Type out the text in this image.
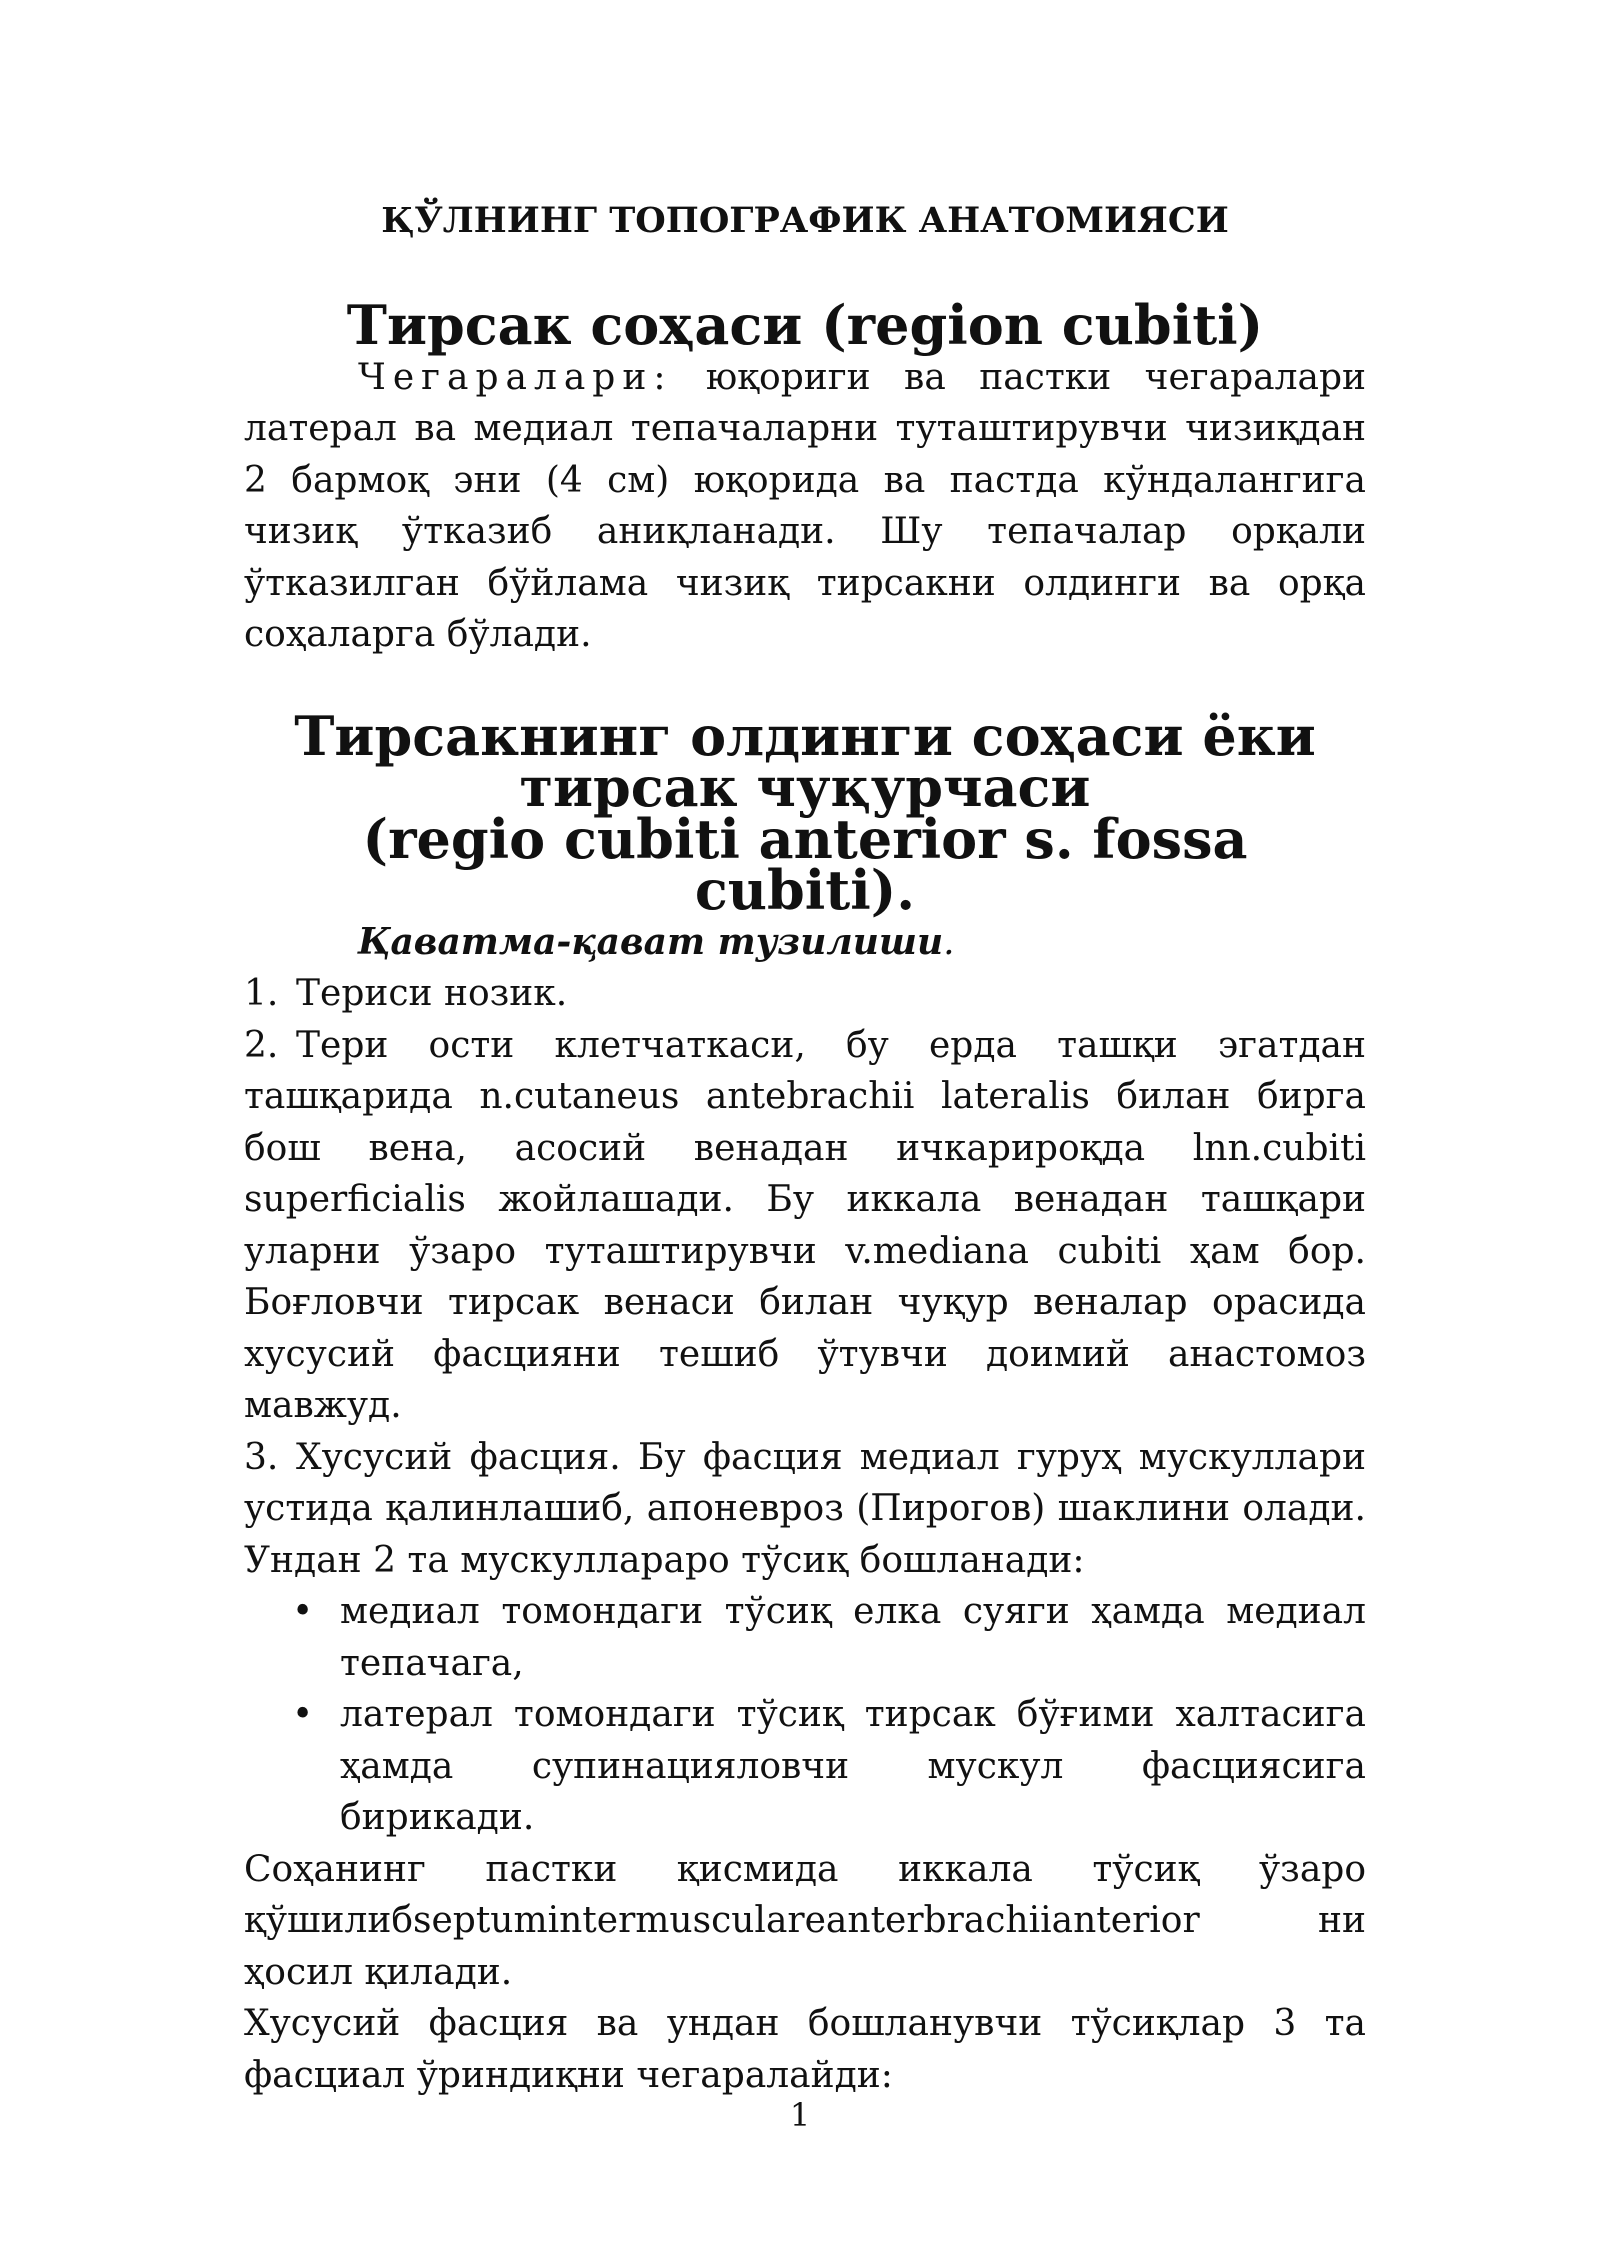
ҚЎЛНИНГ ТОПОГРАФИК АНАТОМИЯСИ
Тирсак соҳаси (region cubiti)

Чегаралари: юқориги ва пастки чегаралари латерал ва медиал тепачаларни туташтирувчи чизиқдан 2 бармоқ эни (4 см) юқорида ва пастда кўндалангига чизиқ ўтказиб аниқланади. Шу тепачалар орқали ўтказилган бўйлама чизиқ тирсакни олдинги ва орқа соҳаларга бўлади.

Тирсакнинг олдинги соҳаси ёки тирсак чуқурчаси
(regio cubiti anterior s. fossa cubiti).
Қаватма-қават тузилиши.

1. Териси нозик.

2. Тери ости клетчаткаси, бу ерда ташқи эгатдан ташқарида n.cutaneus antebrachii lateralis билан бирга бош вена, асосий венадан ичкарироқда lnn.cubiti superficialis жойлашади. Бу иккала венадан ташқари уларни ўзаро туташтирувчи v.mediana cubiti ҳам бор. Боғловчи тирсак венаси билан чуқур веналар орасида хусусий фасцияни тешиб ўтувчи доимий анастомоз мавжуд.

3. Хусусий фасция. Бу фасция медиал гуруҳ мускуллари устида қалинлашиб, апоневроз (Пирогов) шаклини олади. Ундан 2 та мускулларaро тўсиқ бошланади:

• медиал томондаги тўсиқ елка суяги ҳамда медиал тепачага,
• латерал томондаги тўсиқ тирсак бўғими халтасига ҳамда супинацияловчи мускул фасциясига бирикади.
Соҳанинг пастки қисмида иккала тўсиқ ўзаро
қўшилибseptumintermusculareanterbrachiianterior	ни
ҳосил қилади.

Хусусий фасция ва ундан бошланувчи тўсиқлар 3 та фасциал ўриндиқни чегаралайди:

1
